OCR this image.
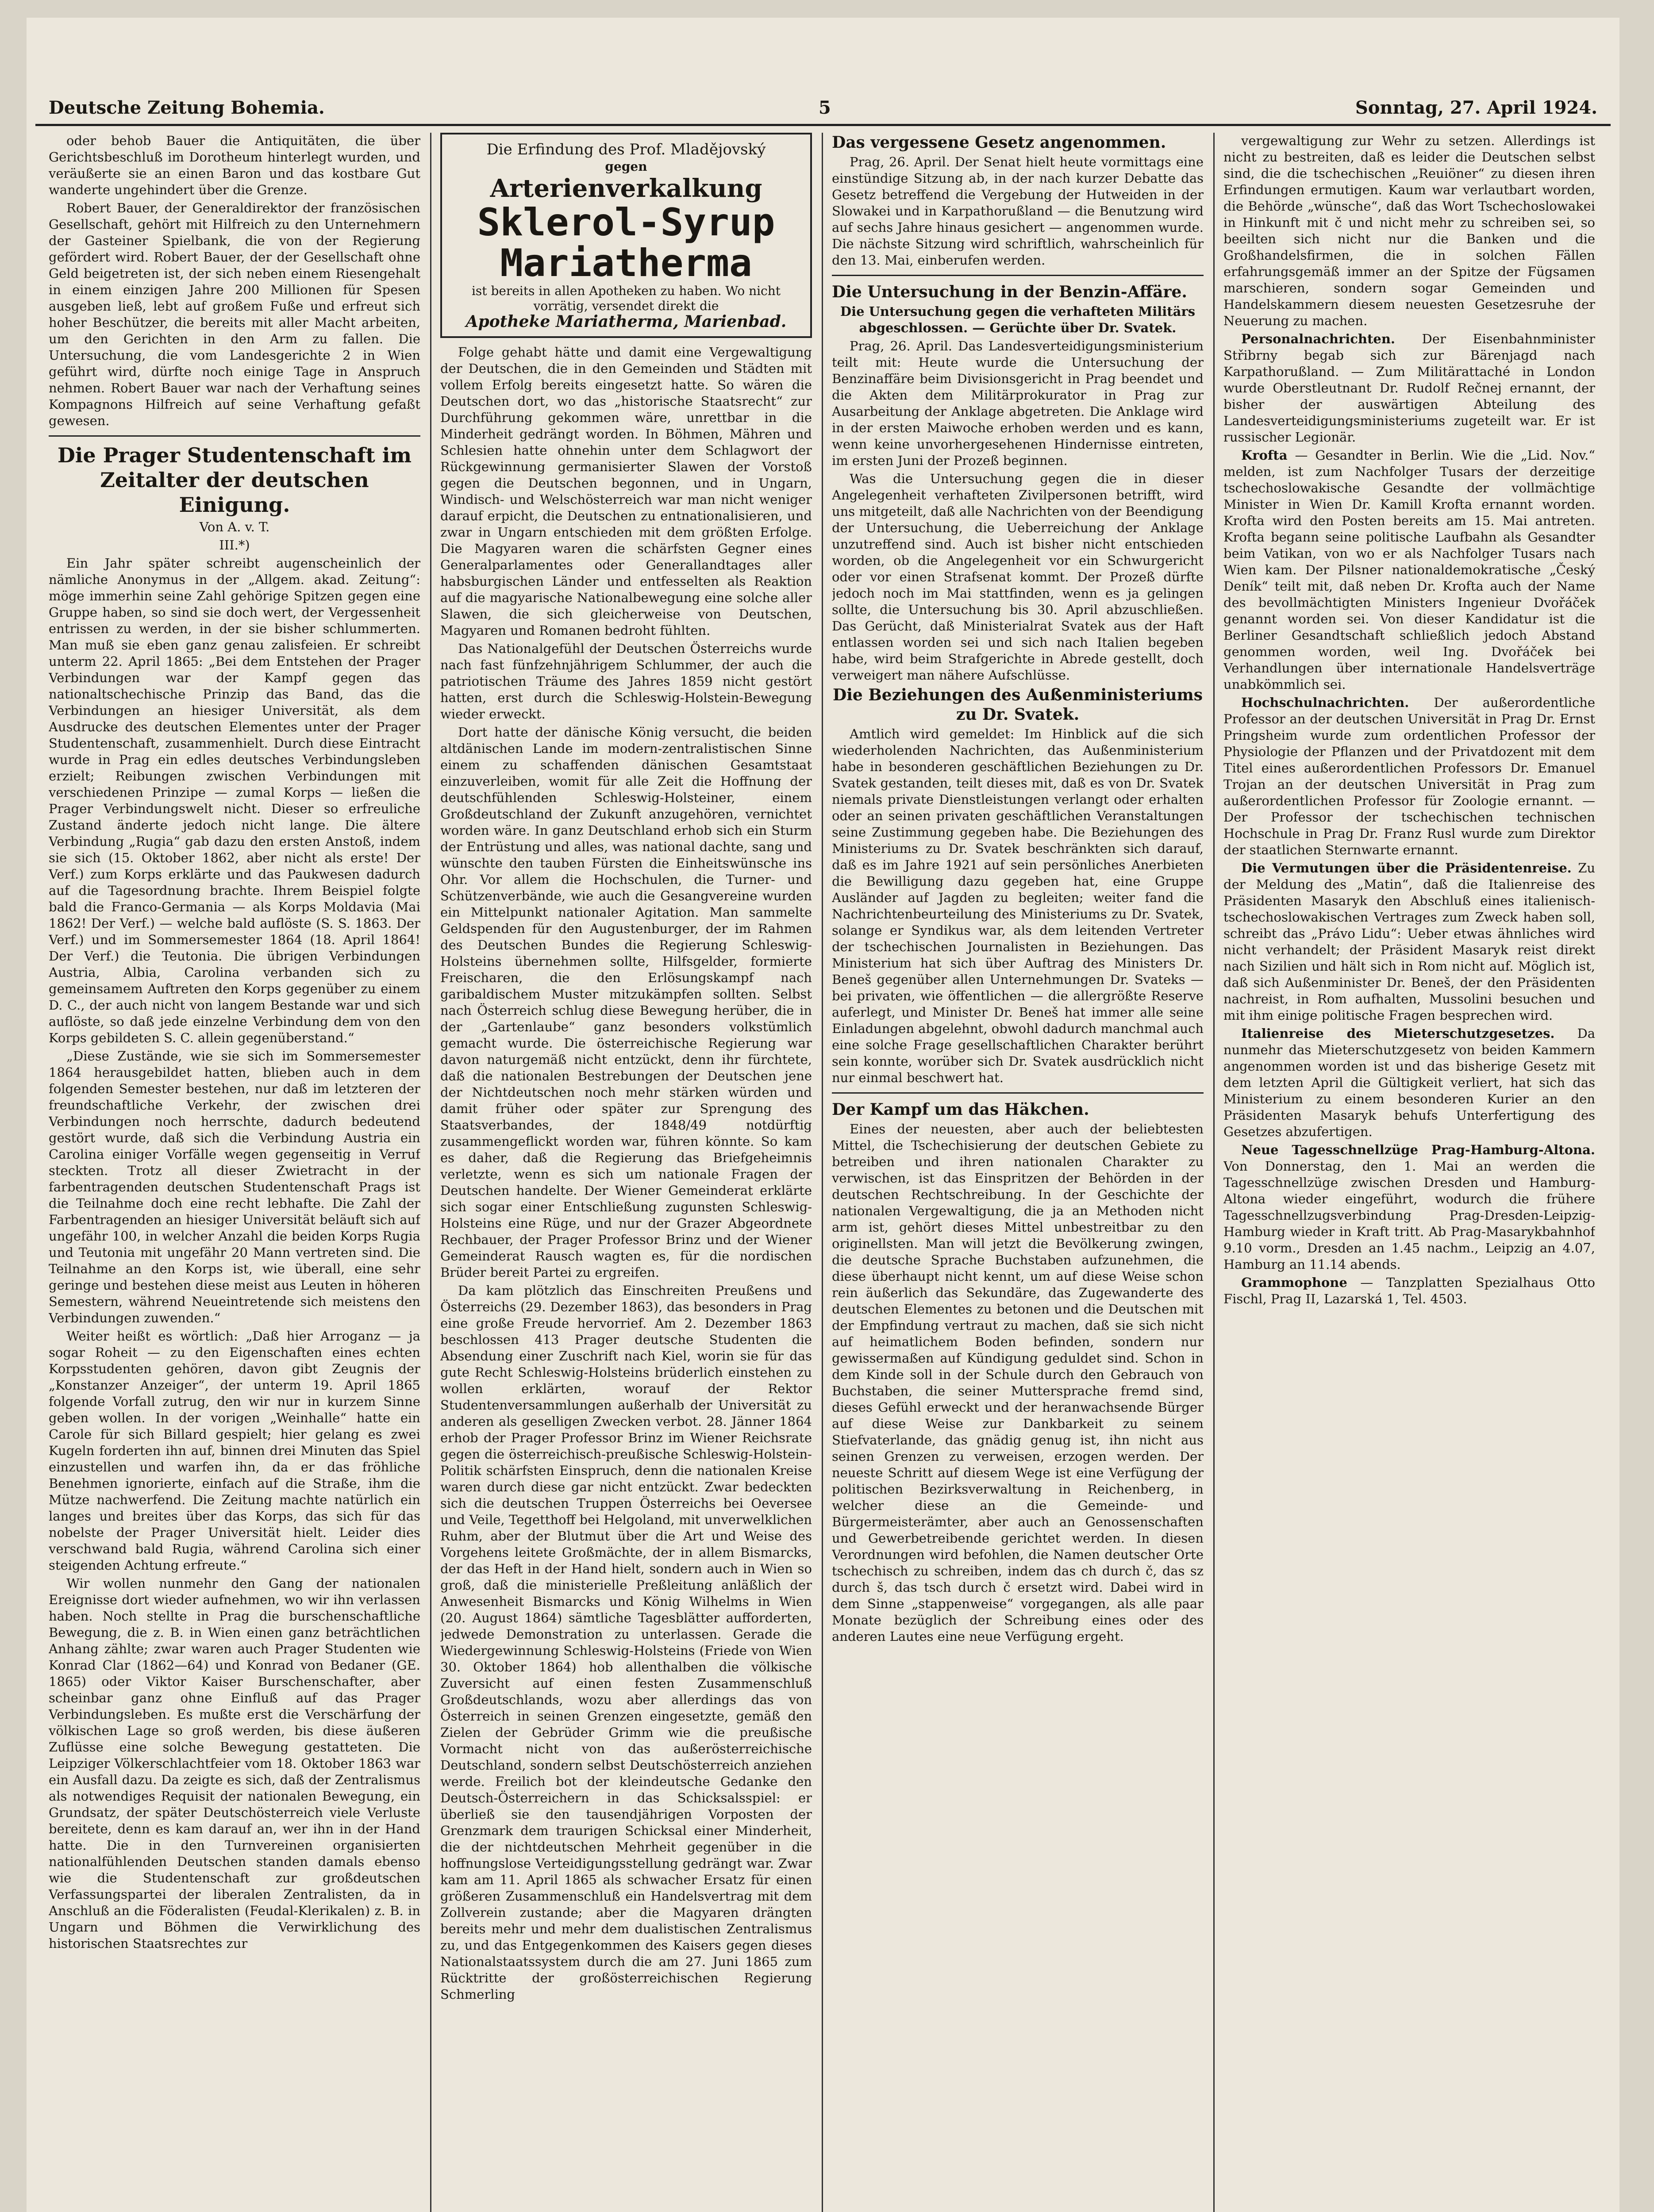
Deutsche Zeitung Bohemia.	5	Sonntag, 27. April 1924.

oder behob Bauer die Antiquitäten, die über Gerichtsbeschluß im Dorotheum hinterlegt wurden, und veräußerte sie an einen Baron und das kostbare Gut wanderte ungehindert über die Grenze.

Robert Bauer, der Generaldirektor der französischen Gesellschaft, gehört mit Hilfreich zu den Unternehmern der Gasteiner Spielbank, die von der Regierung gefördert wird. Robert Bauer, der der Gesellschaft ohne Geld beigetreten ist, der sich neben einem Riesengehalt in einem einzigen Jahre 200 Millionen für Spesen ausgeben ließ, lebt auf großem Fuße und erfreut sich hoher Beschützer, die bereits mit aller Macht arbeiten, um den Gerichten in den Arm zu fallen. Die Untersuchung, die vom Landesgerichte 2 in Wien geführt wird, dürfte noch einige Tage in Anspruch nehmen. Robert Bauer war nach der Verhaftung seines Kompagnons Hilfreich auf seine Verhaftung gefaßt gewesen.

Die Prager Studentenschaft im Zeitalter der deutschen Einigung.

Von A. v. T.

III.*)

Ein Jahr später schreibt augenscheinlich der nämliche Anonymus in der „Allgem. akad. Zeitung“: möge immerhin seine Zahl gehörige Spitzen gegen eine Gruppe haben, so sind sie doch wert, der Vergessenheit entrissen zu werden, in der sie bisher schlummerten. Man muß sie eben ganz genau zalisfeien. Er schreibt unterm 22. April 1865: „Bei dem Entstehen der Prager Verbindungen war der Kampf gegen das nationaltschechische Prinzip das Band, das die Verbindungen an hiesiger Universität, als dem Ausdrucke des deutschen Elementes unter der Prager Studentenschaft, zusammenhielt. Durch diese Eintracht wurde in Prag ein edles deutsches Verbindungsleben erzielt; Reibungen zwischen Verbindungen mit verschiedenen Prinzipe — zumal Korps — ließen die Prager Verbindungswelt nicht. Dieser so erfreuliche Zustand änderte jedoch nicht lange. Die ältere Verbindung „Rugia“ gab dazu den ersten Anstoß, indem sie sich (15. Oktober 1862, aber nicht als erste! Der Verf.) zum Korps erklärte und das Paukwesen dadurch auf die Tagesordnung brachte. Ihrem Beispiel folgte bald die Franco-Germania — als Korps Moldavia (Mai 1862! Der Verf.) — welche bald auflöste (S. S. 1863. Der Verf.) und im Sommersemester 1864 (18. April 1864! Der Verf.) die Teutonia. Die übrigen Verbindungen Austria, Albia, Carolina verbanden sich zu gemeinsamem Auftreten den Korps gegenüber zu einem D. C., der auch nicht von langem Bestande war und sich auflöste, so daß jede einzelne Verbindung dem von den Korps gebildeten S. C. allein gegenüberstand.“

„Diese Zustände, wie sie sich im Sommersemester 1864 herausgebildet hatten, blieben auch in dem folgenden Semester bestehen, nur daß im letzteren der freundschaftliche Verkehr, der zwischen drei Verbindungen noch herrschte, dadurch bedeutend gestört wurde, daß sich die Verbindung Austria ein Carolina einiger Vorfälle wegen gegenseitig in Verruf steckten. Trotz all dieser Zwietracht in der farbentragenden deutschen Studentenschaft Prags ist die Teilnahme doch eine recht lebhafte. Die Zahl der Farbentragenden an hiesiger Universität beläuft sich auf ungefähr 100, in welcher Anzahl die beiden Korps Rugia und Teutonia mit ungefähr 20 Mann vertreten sind. Die Teilnahme an den Korps ist, wie überall, eine sehr geringe und bestehen diese meist aus Leuten in höheren Semestern, während Neueintretende sich meistens den Verbindungen zuwenden.“

Weiter heißt es wörtlich: „Daß hier Arroganz — ja sogar Roheit — zu den Eigenschaften eines echten Korpsstudenten gehören, davon gibt Zeugnis der „Konstanzer Anzeiger“, der unterm 19. April 1865 folgende Vorfall zutrug, den wir nur in kurzem Sinne geben wollen. In der vorigen „Weinhalle“ hatte ein Carole für sich Billard gespielt; hier gelang es zwei Kugeln forderten ihn auf, binnen drei Minuten das Spiel einzustellen und warfen ihn, da er das fröhliche Benehmen ignorierte, einfach auf die Straße, ihm die Mütze nachwerfend. Die Zeitung machte natürlich ein langes und breites über das Korps, das sich für das nobelste der Prager Universität hielt. Leider dies verschwand bald Rugia, während Carolina sich einer steigenden Achtung erfreute.“

Wir wollen nunmehr den Gang der nationalen Ereignisse dort wieder aufnehmen, wo wir ihn verlassen haben. Noch stellte in Prag die burschenschaftliche Bewegung, die z. B. in Wien einen ganz beträchtlichen Anhang zählte; zwar waren auch Prager Studenten wie Konrad Clar (1862—64) und Konrad von Bedaner (GE. 1865) oder Viktor Kaiser Burschenschafter, aber scheinbar ganz ohne Einfluß auf das Prager Verbindungsleben. Es mußte erst die Verschärfung der völkischen Lage so groß werden, bis diese äußeren Zuflüsse eine solche Bewegung gestatteten. Die Leipziger Völkerschlachtfeier vom 18. Oktober 1863 war ein Ausfall dazu. Da zeigte es sich, daß der Zentralismus als notwendiges Requisit der nationalen Bewegung, ein Grundsatz, der später Deutschösterreich viele Verluste bereitete, denn es kam darauf an, wer ihn in der Hand hatte. Die in den Turnvereinen organisierten nationalfühlenden Deutschen standen damals ebenso wie die Studentenschaft zur großdeutschen Verfassungspartei der liberalen Zentralisten, da in Anschluß an die Föderalisten (Feudal-Klerikalen) z. B. in Ungarn und Böhmen die Verwirklichung des historischen Staatsrechtes zur

Die Erfindung des Prof. Mladějovský
gegen
Arterienverkalkung
Sklerol-Syrup
Mariatherma
ist bereits in allen Apotheken zu haben. Wo nicht vorrätig, versendet direkt die
Apotheke Mariatherma, Marienbad.

Folge gehabt hätte und damit eine Vergewaltigung der Deutschen, die in den Gemeinden und Städten mit vollem Erfolg bereits eingesetzt hatte. So wären die Deutschen dort, wo das „historische Staatsrecht“ zur Durchführung gekommen wäre, unrettbar in die Minderheit gedrängt worden. In Böhmen, Mähren und Schlesien hatte ohnehin unter dem Schlagwort der Rückgewinnung germanisierter Slawen der Vorstoß gegen die Deutschen begonnen, und in Ungarn, Windisch- und Welschösterreich war man nicht weniger darauf erpicht, die Deutschen zu entnationalisieren, und zwar in Ungarn entschieden mit dem größten Erfolge. Die Magyaren waren die schärfsten Gegner eines Generalparlamentes oder Generallandtages aller habsburgischen Länder und entfesselten als Reaktion auf die magyarische Nationalbewegung eine solche aller Slawen, die sich gleicherweise von Deutschen, Magyaren und Romanen bedroht fühlten.

Das Nationalgefühl der Deutschen Österreichs wurde nach fast fünfzehnjährigem Schlummer, der auch die patriotischen Träume des Jahres 1859 nicht gestört hatten, erst durch die Schleswig-Holstein-Bewegung wieder erweckt.

Dort hatte der dänische König versucht, die beiden altdänischen Lande im modern-zentralistischen Sinne einem zu schaffenden dänischen Gesamtstaat einzuverleiben, womit für alle Zeit die Hoffnung der deutschfühlenden Schleswig-Holsteiner, einem Großdeutschland der Zukunft anzugehören, vernichtet worden wäre. In ganz Deutschland erhob sich ein Sturm der Entrüstung und alles, was national dachte, sang und wünschte den tauben Fürsten die Einheitswünsche ins Ohr. Vor allem die Hochschulen, die Turner- und Schützenverbände, wie auch die Gesangvereine wurden ein Mittelpunkt nationaler Agitation. Man sammelte Geldspenden für den Augustenburger, der im Rahmen des Deutschen Bundes die Regierung Schleswig-Holsteins übernehmen sollte, Hilfsgelder, formierte Freischaren, die den Erlösungskampf nach garibaldischem Muster mitzukämpfen sollten. Selbst nach Österreich schlug diese Bewegung herüber, die in der „Gartenlaube“ ganz besonders volkstümlich gemacht wurde. Die österreichische Regierung war davon naturgemäß nicht entzückt, denn ihr fürchtete, daß die nationalen Bestrebungen der Deutschen jene der Nichtdeutschen noch mehr stärken würden und damit früher oder später zur Sprengung des Staatsverbandes, der 1848/49 notdürftig zusammengeflickt worden war, führen könnte. So kam es daher, daß die Regierung das Briefgeheimnis verletzte, wenn es sich um nationale Fragen der Deutschen handelte. Der Wiener Gemeinderat erklärte sich sogar einer Entschließung zugunsten Schleswig-Holsteins eine Rüge, und nur der Grazer Abgeordnete Rechbauer, der Prager Professor Brinz und der Wiener Gemeinderat Rausch wagten es, für die nordischen Brüder bereit Partei zu ergreifen.

Da kam plötzlich das Einschreiten Preußens und Österreichs (29. Dezember 1863), das besonders in Prag eine große Freude hervorrief. Am 2. Dezember 1863 beschlossen 413 Prager deutsche Studenten die Absendung einer Zuschrift nach Kiel, worin sie für das gute Recht Schleswig-Holsteins brüderlich einstehen zu wollen erklärten, worauf der Rektor Studentenversammlungen außerhalb der Universität zu anderen als geselligen Zwecken verbot. 28. Jänner 1864 erhob der Prager Professor Brinz im Wiener Reichsrate gegen die österreichisch-preußische Schleswig-Holstein-Politik schärfsten Einspruch, denn die nationalen Kreise waren durch diese gar nicht entzückt. Zwar bedeckten sich die deutschen Truppen Österreichs bei Oeversee und Veile, Tegetthoff bei Helgoland, mit unverwelklichen Ruhm, aber der Blutmut über die Art und Weise des Vorgehens leitete Großmächte, der in allem Bismarcks, der das Heft in der Hand hielt, sondern auch in Wien so groß, daß die ministerielle Preßleitung anläßlich der Anwesenheit Bismarcks und König Wilhelms in Wien (20. August 1864) sämtliche Tagesblätter aufforderten, jedwede Demonstration zu unterlassen. Gerade die Wiedergewinnung Schleswig-Holsteins (Friede von Wien 30. Oktober 1864) hob allenthalben die völkische Zuversicht auf einen festen Zusammenschluß Großdeutschlands, wozu aber allerdings das von Österreich in seinen Grenzen eingesetzte, gemäß den Zielen der Gebrüder Grimm wie die preußische Vormacht nicht von das außerösterreichische Deutschland, sondern selbst Deutschösterreich anziehen werde. Freilich bot der kleindeutsche Gedanke den Deutsch-Österreichern in das Schicksalsspiel: er überließ sie den tausendjährigen Vorposten der Grenzmark dem traurigen Schicksal einer Minderheit, die der nichtdeutschen Mehrheit gegenüber in die hoffnungslose Verteidigungsstellung gedrängt war. Zwar kam am 11. April 1865 als schwacher Ersatz für einen größeren Zusammenschluß ein Handelsvertrag mit dem Zollverein zustande; aber die Magyaren drängten bereits mehr und mehr dem dualistischen Zentralismus zu, und das Entgegenkommen des Kaisers gegen dieses Nationalstaatssystem durch die am 27. Juni 1865 zum Rücktritte der großösterreichischen Regierung Schmerling

Das vergessene Gesetz angenommen.

Prag, 26. April. Der Senat hielt heute vormittags eine einstündige Sitzung ab, in der nach kurzer Debatte das Gesetz betreffend die Vergebung der Hutweiden in der Slowakei und in Karpathorußland — die Benutzung wird auf sechs Jahre hinaus gesichert — angenommen wurde. Die nächste Sitzung wird schriftlich, wahrscheinlich für den 13. Mai, einberufen werden.

Die Untersuchung in der Benzin-Affäre.

Die Untersuchung gegen die verhafteten Militärs abgeschlossen. — Gerüchte über Dr. Svatek.

Prag, 26. April. Das Landesverteidigungsministerium teilt mit: Heute wurde die Untersuchung der Benzinaffäre beim Divisionsgericht in Prag beendet und die Akten dem Militärprokurator in Prag zur Ausarbeitung der Anklage abgetreten. Die Anklage wird in der ersten Maiwoche erhoben werden und es kann, wenn keine unvorhergesehenen Hindernisse eintreten, im ersten Juni der Prozeß beginnen.

Was die Untersuchung gegen die in dieser Angelegenheit verhafteten Zivilpersonen betrifft, wird uns mitgeteilt, daß alle Nachrichten von der Beendigung der Untersuchung, die Ueberreichung der Anklage unzutreffend sind. Auch ist bisher nicht entschieden worden, ob die Angelegenheit vor ein Schwurgericht oder vor einen Strafsenat kommt. Der Prozeß dürfte jedoch noch im Mai stattfinden, wenn es ja gelingen sollte, die Untersuchung bis 30. April abzuschließen. Das Gerücht, daß Ministerialrat Svatek aus der Haft entlassen worden sei und sich nach Italien begeben habe, wird beim Strafgerichte in Abrede gestellt, doch verweigert man nähere Aufschlüsse.

Die Beziehungen des Außenministeriums zu Dr. Svatek.

Amtlich wird gemeldet: Im Hinblick auf die sich wiederholenden Nachrichten, das Außenministerium habe in besonderen geschäftlichen Beziehungen zu Dr. Svatek gestanden, teilt dieses mit, daß es von Dr. Svatek niemals private Dienstleistungen verlangt oder erhalten oder an seinen privaten geschäftlichen Veranstaltungen seine Zustimmung gegeben habe. Die Beziehungen des Ministeriums zu Dr. Svatek beschränkten sich darauf, daß es im Jahre 1921 auf sein persönliches Anerbieten die Bewilligung dazu gegeben hat, eine Gruppe Ausländer auf Jagden zu begleiten; weiter fand die Nachrichtenbeurteilung des Ministeriums zu Dr. Svatek, solange er Syndikus war, als dem leitenden Vertreter der tschechischen Journalisten in Beziehungen. Das Ministerium hat sich über Auftrag des Ministers Dr. Beneš gegenüber allen Unternehmungen Dr. Svateks — bei privaten, wie öffentlichen — die allergrößte Reserve auferlegt, und Minister Dr. Beneš hat immer alle seine Einladungen abgelehnt, obwohl dadurch manchmal auch eine solche Frage gesellschaftlichen Charakter berührt sein konnte, worüber sich Dr. Svatek ausdrücklich nicht nur einmal beschwert hat.

Der Kampf um das Häkchen.

Eines der neuesten, aber auch der beliebtesten Mittel, die Tschechisierung der deutschen Gebiete zu betreiben und ihren nationalen Charakter zu verwischen, ist das Einspritzen der Behörden in der deutschen Rechtschreibung. In der Geschichte der nationalen Vergewaltigung, die ja an Methoden nicht arm ist, gehört dieses Mittel unbestreitbar zu den originellsten. Man will jetzt die Bevölkerung zwingen, die deutsche Sprache Buchstaben aufzunehmen, die diese überhaupt nicht kennt, um auf diese Weise schon rein äußerlich das Sekundäre, das Zugewanderte des deutschen Elementes zu betonen und die Deutschen mit der Empfindung vertraut zu machen, daß sie sich nicht auf heimatlichem Boden befinden, sondern nur gewissermaßen auf Kündigung geduldet sind. Schon in dem Kinde soll in der Schule durch den Gebrauch von Buchstaben, die seiner Muttersprache fremd sind, dieses Gefühl erweckt und der heranwachsende Bürger auf diese Weise zur Dankbarkeit zu seinem Stiefvaterlande, das gnädig genug ist, ihn nicht aus seinen Grenzen zu verweisen, erzogen werden. Der neueste Schritt auf diesem Wege ist eine Verfügung der politischen Bezirksverwaltung in Reichenberg, in welcher diese an die Gemeinde- und Bürgermeisterämter, aber auch an Genossenschaften und Gewerbetreibende gerichtet werden. In diesen Verordnungen wird befohlen, die Namen deutscher Orte tschechisch zu schreiben, indem das ch durch č, das sz durch š, das tsch durch č ersetzt wird. Dabei wird in dem Sinne „stappenweise“ vorgegangen, als alle paar Monate bezüglich der Schreibung eines oder des anderen Lautes eine neue Verfügung ergeht.

vergewaltigung zur Wehr zu setzen. Allerdings ist nicht zu bestreiten, daß es leider die Deutschen selbst sind, die die tschechischen „Reuiöner“ zu diesen ihren Erfindungen ermutigen. Kaum war verlautbart worden, die Behörde „wünsche“, daß das Wort Tschechoslowakei in Hinkunft mit č und nicht mehr zu schreiben sei, so beeilten sich nicht nur die Banken und die Großhandelsfirmen, die in solchen Fällen erfahrungsgemäß immer an der Spitze der Fügsamen marschieren, sondern sogar Gemeinden und Handelskammern diesem neuesten Gesetzesruhe der Neuerung zu machen.

Personalnachrichten. Der Eisenbahnminister Střibrny begab sich zur Bärenjagd nach Karpathorußland. — Zum Militärattaché in London wurde Oberstleutnant Dr. Rudolf Rečnej ernannt, der bisher der auswärtigen Abteilung des Landesverteidigungsministeriums zugeteilt war. Er ist russischer Legionär.

Krofta — Gesandter in Berlin. Wie die „Lid. Nov.“ melden, ist zum Nachfolger Tusars der derzeitige tschechoslowakische Gesandte der vollmächtige Minister in Wien Dr. Kamill Krofta ernannt worden. Krofta wird den Posten bereits am 15. Mai antreten. Krofta begann seine politische Laufbahn als Gesandter beim Vatikan, von wo er als Nachfolger Tusars nach Wien kam. Der Pilsner nationaldemokratische „Český Deník“ teilt mit, daß neben Dr. Krofta auch der Name des bevollmächtigten Ministers Ingenieur Dvořáček genannt worden sei. Von dieser Kandidatur ist die Berliner Gesandtschaft schließlich jedoch Abstand genommen worden, weil Ing. Dvořáček bei Verhandlungen über internationale Handelsverträge unabkömmlich sei.

Hochschulnachrichten. Der außerordentliche Professor an der deutschen Universität in Prag Dr. Ernst Pringsheim wurde zum ordentlichen Professor der Physiologie der Pflanzen und der Privatdozent mit dem Titel eines außerordentlichen Professors Dr. Emanuel Trojan an der deutschen Universität in Prag zum außerordentlichen Professor für Zoologie ernannt. — Der Professor der tschechischen technischen Hochschule in Prag Dr. Franz Rusl wurde zum Direktor der staatlichen Sternwarte ernannt.

Die Vermutungen über die Präsidentenreise. Zu der Meldung des „Matin“, daß die Italienreise des Präsidenten Masaryk den Abschluß eines italienisch-tschechoslowakischen Vertrages zum Zweck haben soll, schreibt das „Právo Lidu“: Ueber etwas ähnliches wird nicht verhandelt; der Präsident Masaryk reist direkt nach Sizilien und hält sich in Rom nicht auf. Möglich ist, daß sich Außenminister Dr. Beneš, der den Präsidenten nachreist, in Rom aufhalten, Mussolini besuchen und mit ihm einige politische Fragen besprechen wird.

Italienreise des Mieterschutzgesetzes. Da nunmehr das Mieterschutzgesetz von beiden Kammern angenommen worden ist und das bisherige Gesetz mit dem letzten April die Gültigkeit verliert, hat sich das Ministerium zu einem besonderen Kurier an den Präsidenten Masaryk behufs Unterfertigung des Gesetzes abzufertigen.

Neue Tagesschnellzüge Prag-Hamburg-Altona. Von Donnerstag, den 1. Mai an werden die Tagesschnellzüge zwischen Dresden und Hamburg-Altona wieder eingeführt, wodurch die frühere Tagesschnellzugsverbindung Prag-Dresden-Leipzig-Hamburg wieder in Kraft tritt. Ab Prag-Masarykbahnhof 9.10 vorm., Dresden an 1.45 nachm., Leipzig an 4.07, Hamburg an 11.14 abends.

Grammophone — Tanzplatten Spezialhaus Otto Fischl, Prag II, Lazarská 1, Tel. 4503.
